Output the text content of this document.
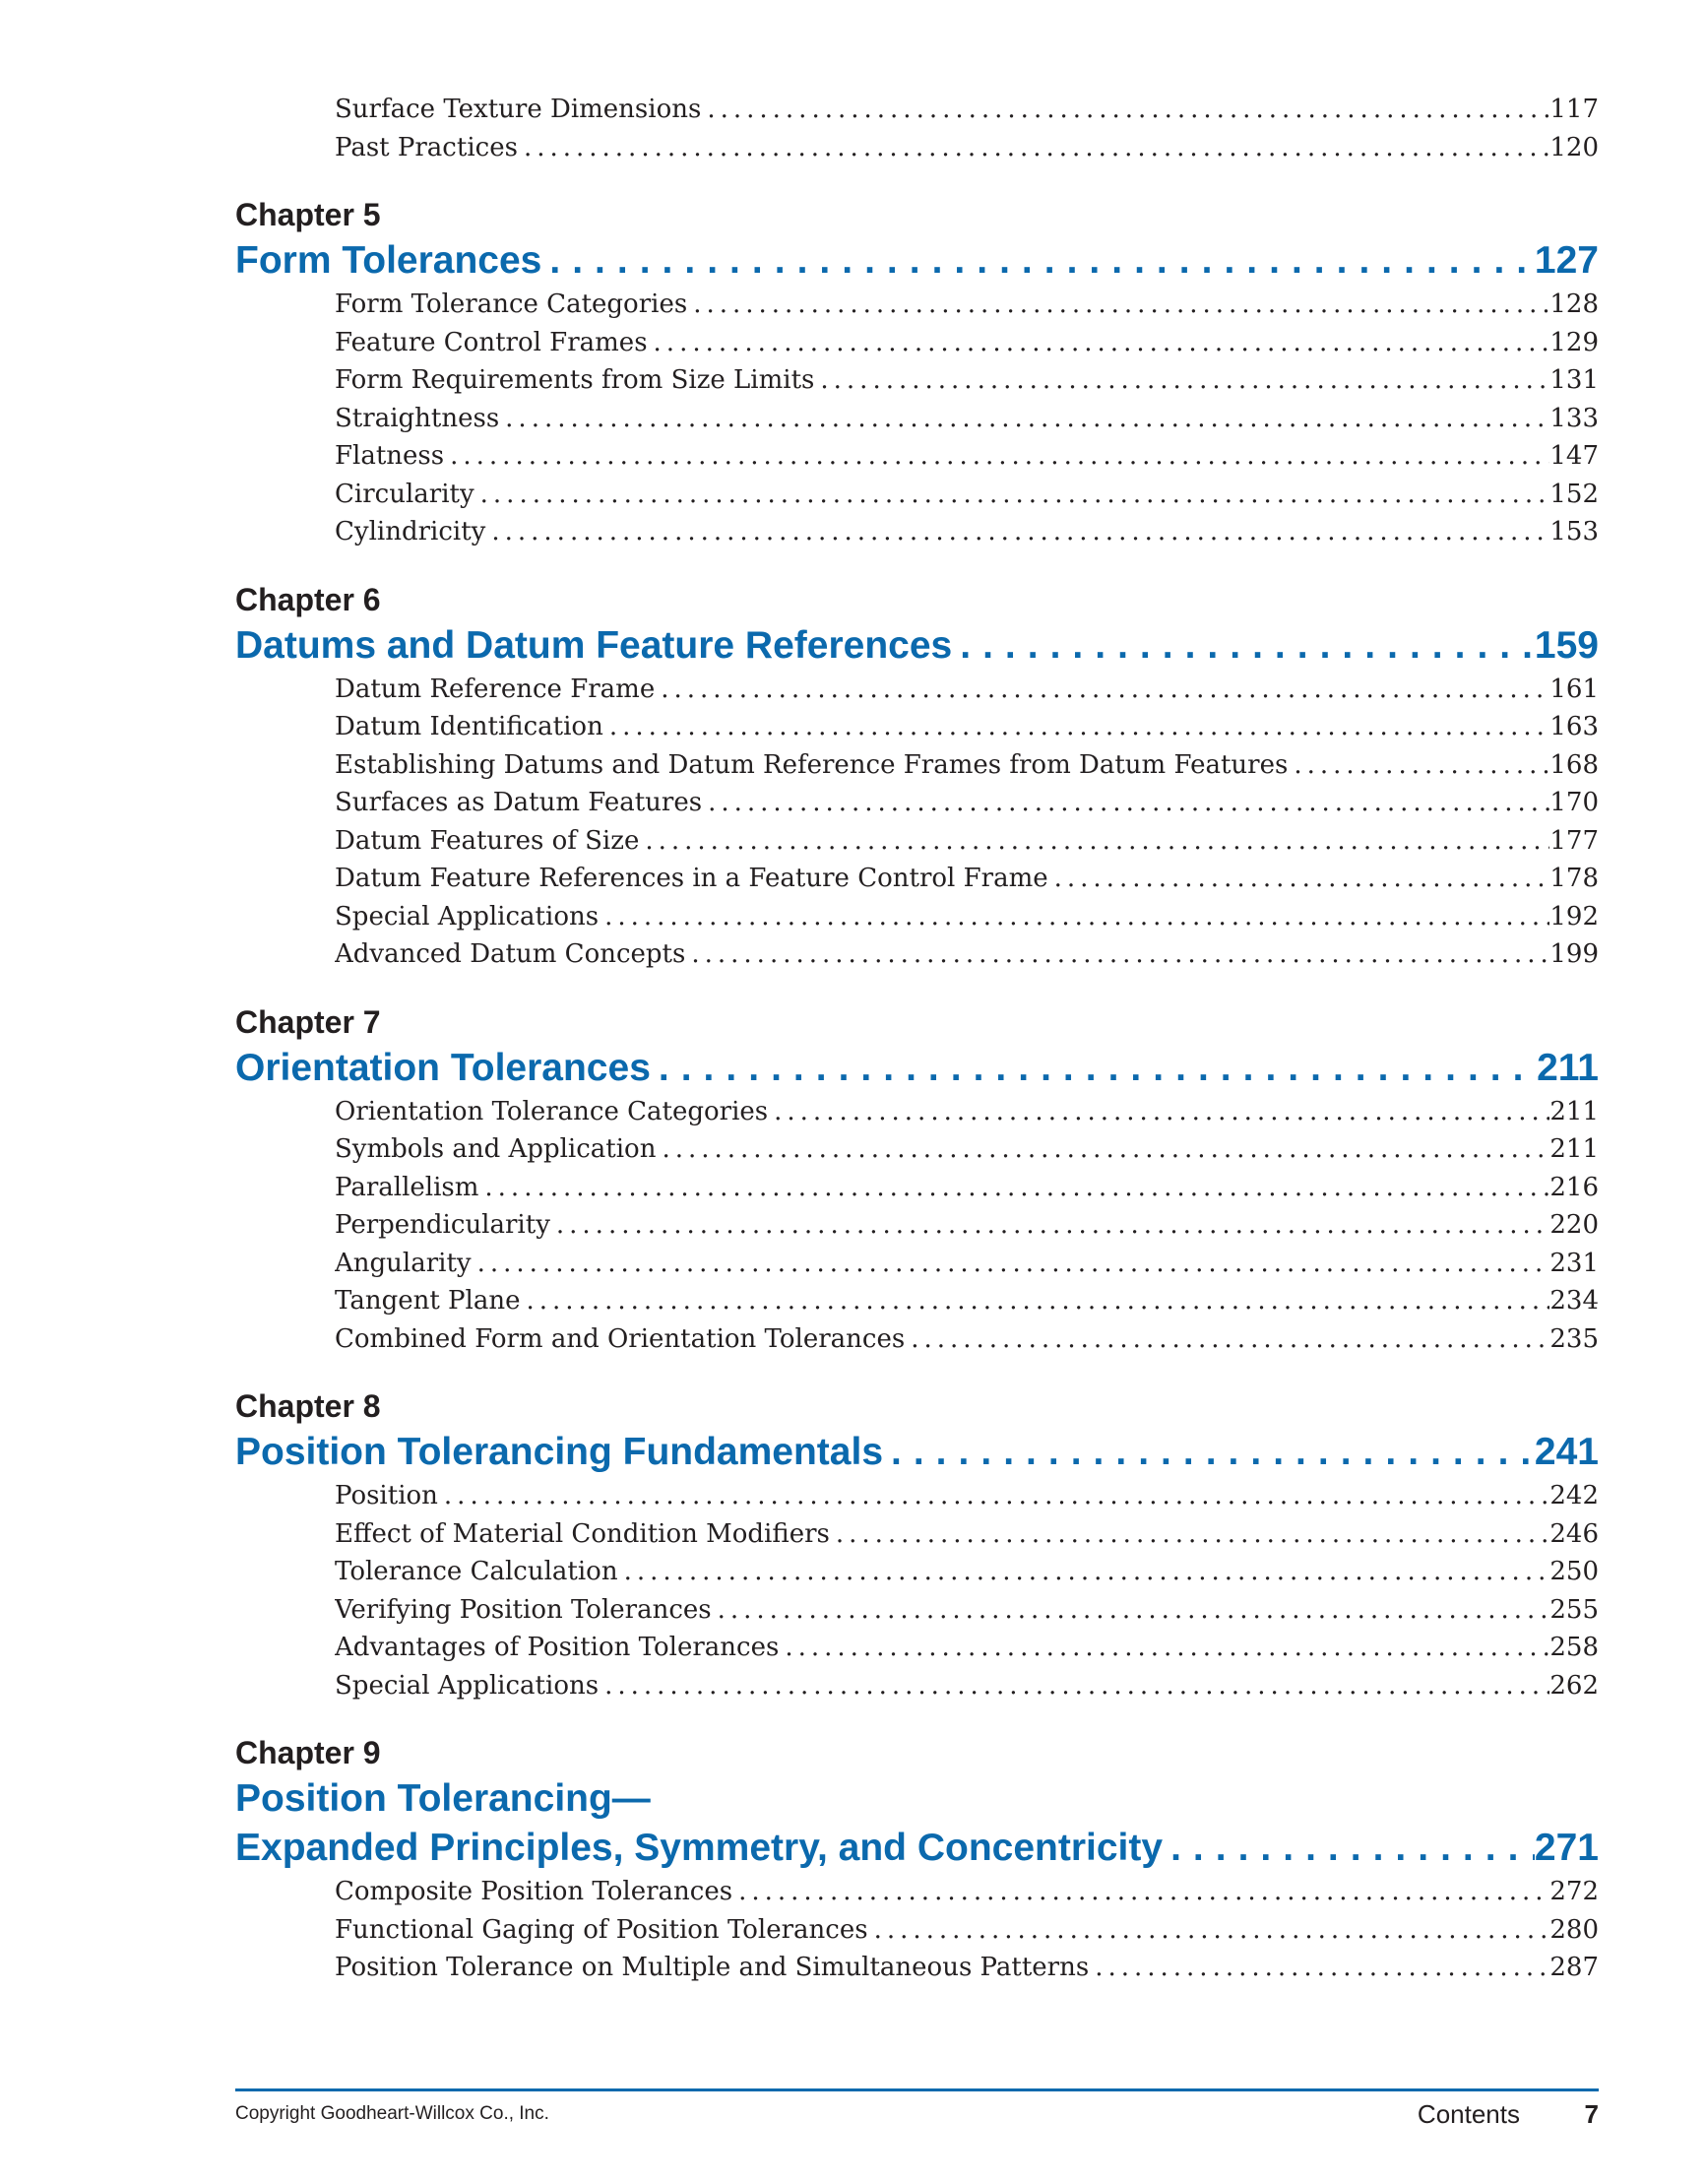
Surface Texture Dimensions .....	117
Past Practices .....	120
Chapter 5
Form Tolerances .....	127
Form Tolerance Categories .....	128
Feature Control Frames .....	129
Form Requirements from Size Limits .....	131
Straightness .....	133
Flatness .....	147
Circularity .....	152
Cylindricity .....	153
Chapter 6
Datums and Datum Feature References .....	159
Datum Reference Frame .....	161
Datum Identification .....	163
Establishing Datums and Datum Reference Frames from Datum Features .....	168
Surfaces as Datum Features .....	170
Datum Features of Size .....	177
Datum Feature References in a Feature Control Frame .....	178
Special Applications .....	192
Advanced Datum Concepts .....	199
Chapter 7
Orientation Tolerances .....	211
Orientation Tolerance Categories .....	211
Symbols and Application .....	211
Parallelism .....	216
Perpendicularity .....	220
Angularity .....	231
Tangent Plane .....	234
Combined Form and Orientation Tolerances .....	235
Chapter 8
Position Tolerancing Fundamentals .....	241
Position .....	242
Effect of Material Condition Modifiers .....	246
Tolerance Calculation .....	250
Verifying Position Tolerances .....	255
Advantages of Position Tolerances .....	258
Special Applications .....	262
Chapter 9
Position Tolerancing—
Expanded Principles, Symmetry, and Concentricity .....	271
Composite Position Tolerances .....	272
Functional Gaging of Position Tolerances .....	280
Position Tolerance on Multiple and Simultaneous Patterns .....	287
Copyright Goodheart-Willcox Co., Inc.	Contents	7
